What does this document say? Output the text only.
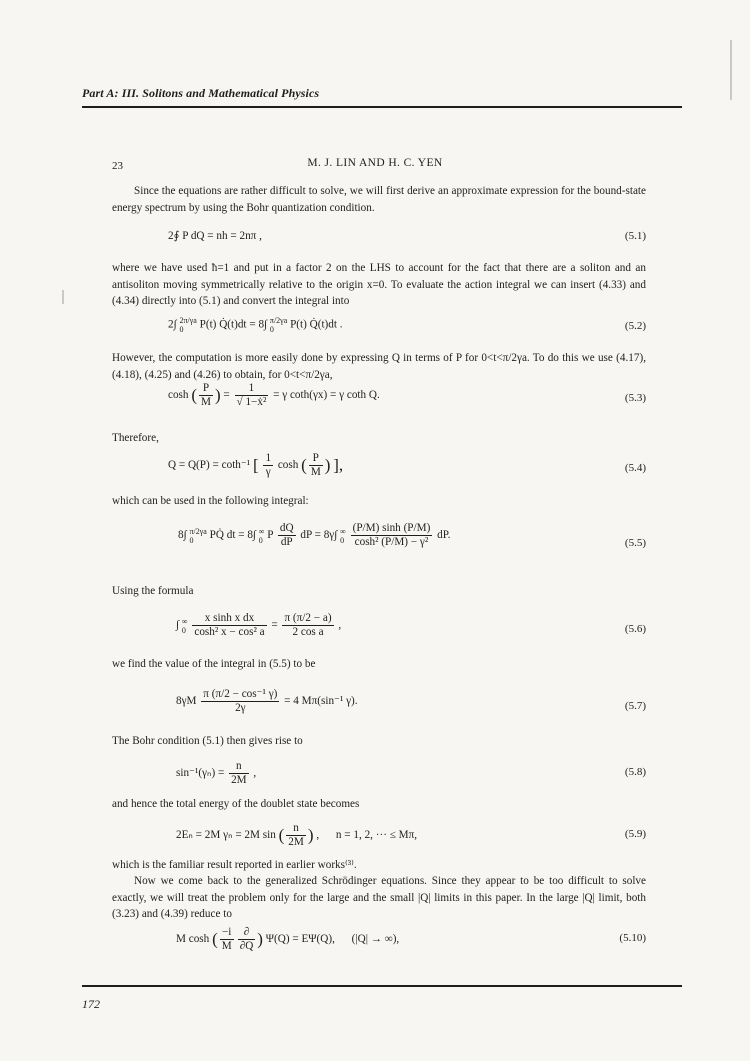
Part A: III. Solitons and Mathematical Physics
23	M. J. LIN AND H. C. YEN
Since the equations are rather difficult to solve, we will first derive an approximate expression for the bound-state energy spectrum by using the Bohr quantization condition.
2∮ P dQ = nh = 2nπ ,	(5.1)
where we have used ħ=1 and put in a factor 2 on the LHS to account for the fact that there are a soliton and an antisoliton moving symmetrically relative to the origin x=0. To evaluate the action integral we can insert (4.33) and (4.34) directly into (5.1) and convert the integral into
2∫ 2π/γa
0 P(t) Q̇(t)dt = 8∫ π/2γa
0 P(t) Q̇(t)dt .	(5.2)
However, the computation is more easily done by expressing Q in terms of P for 0<t<π/2γa. To do this we use (4.17), (4.18), (4.25) and (4.26) to obtain, for 0<t<π/2γa,
cosh ( $\frac{P}{M}$ ) = $\frac{1}{\text{√ 1−ẋ²}} = \gamma$ coth(γx) = γ coth Q.	(5.3)
Therefore,
Q = Q(P) = coth⁻¹ [ $\frac{1}{\gamma}$ cosh ( $\frac{P}{M}$ ) ],	(5.4)
which can be used in the following integral:
8∫ π/2γa
0 PQ̇ dt = 8∫ ∞
0 P $\frac{dQ}{dP}$ dP = 8γ∫ ∞
$0 \frac{(P/M) \sinh (P/M)}{\text{cosh² (P/M) − γ²}}$ dP.
(5.5)
Using the formula
∫ ∞
$0 \frac{\text{x sinh x dx}}{\text{cosh² x − cos² a}} = \frac{\pi (\pi/2 - a)}{\text{2 cos a}}$ ,	(5.6)
we find the value of the integral in (5.5) to be
$8\gamma M \frac{\text{π (π/2 − cos⁻¹ γ)}}{2\gamma} = 4$ Mπ(sin⁻¹ γ).	(5.7)
The Bohr condition (5.1) then gives rise to
$\sin^{-1}(\gamma_n) = \frac{n}{2M}$ ,	(5.8)
and hence the total energy of the doublet state becomes
2Eₙ = 2M γₙ = 2M sin ( $\frac{n}{2M}$ ) ,      n = 1, 2, ··· ≤ Mπ,	(5.9)
which is the familiar result reported in earlier works⁽³⁾.
Now we come back to the generalized Schrödinger equations. Since they appear to be too difficult to solve exactly, we will treat the problem only for the large and the small |Q| limits in this paper. In the large |Q| limit, both (3.23) and (4.39) reduce to
M cosh ( $\frac{-i}{M} \frac{\partial}{\partial Q}$ ) Ψ(Q) = EΨ(Q),      (|Q| → ∞),	(5.10)
172
